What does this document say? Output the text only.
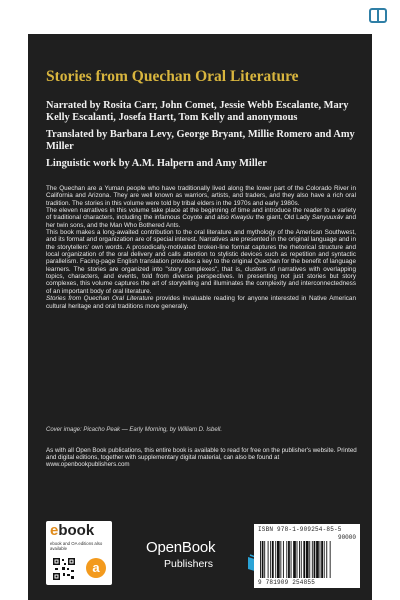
Stories from Quechan Oral Literature

Narrated by Rosita Carr, John Comet, Jessie Webb Escalante, Mary Kelly Escalanti, Josefa Hartt, Tom Kelly and anonymous

Translated by Barbara Levy, George Bryant, Millie Romero and Amy Miller

Linguistic work by A.M. Halpern and Amy Miller

The Quechan are a Yuman people who have traditionally lived along the lower part of the Colorado River in California and Arizona. They are well known as warriors, artists, and traders, and they also have a rich oral tradition. The stories in this volume were told by tribal elders in the 1970s and early 1980s.

The eleven narratives in this volume take place at the beginning of time and introduce the reader to a variety of traditional characters, including the infamous Coyote and also Kwayúu the giant, Old Lady Sanyuuxáv and her twin sons, and the Man Who Bothered Ants.

This book makes a long-awaited contribution to the oral literature and mythology of the American Southwest, and its format and organization are of special interest. Narratives are presented in the original language and in the storytellers' own words. A prosodically-motivated broken-line format captures the rhetorical structure and local organization of the oral delivery and calls attention to stylistic devices such as repetition and syntactic parallelism. Facing-page English translation provides a key to the original Quechan for the benefit of language learners. The stories are organized into "story complexes", that is, clusters of narratives with overlapping topics, characters, and events, told from diverse perspectives. In presenting not just stories but story complexes, this volume captures the art of storytelling and illuminates the complexity and interconnectedness of an important body of oral literature.

Stories from Quechan Oral Literature provides invaluable reading for anyone interested in Native American cultural heritage and oral traditions more generally.

Cover image: Picacho Peak — Early Morning, by William D. Isbell.
As with all Open Book publications, this entire book is available to read for free on the publisher's website. Printed and digital editions, together with supplementary digital material, can also be found at www.openbookpublishers.com
ebook
ebook and OA editions also available
a
OpenBook
Publishers
ISBN 978-1-909254-85-5
90000
9 781909 254855
